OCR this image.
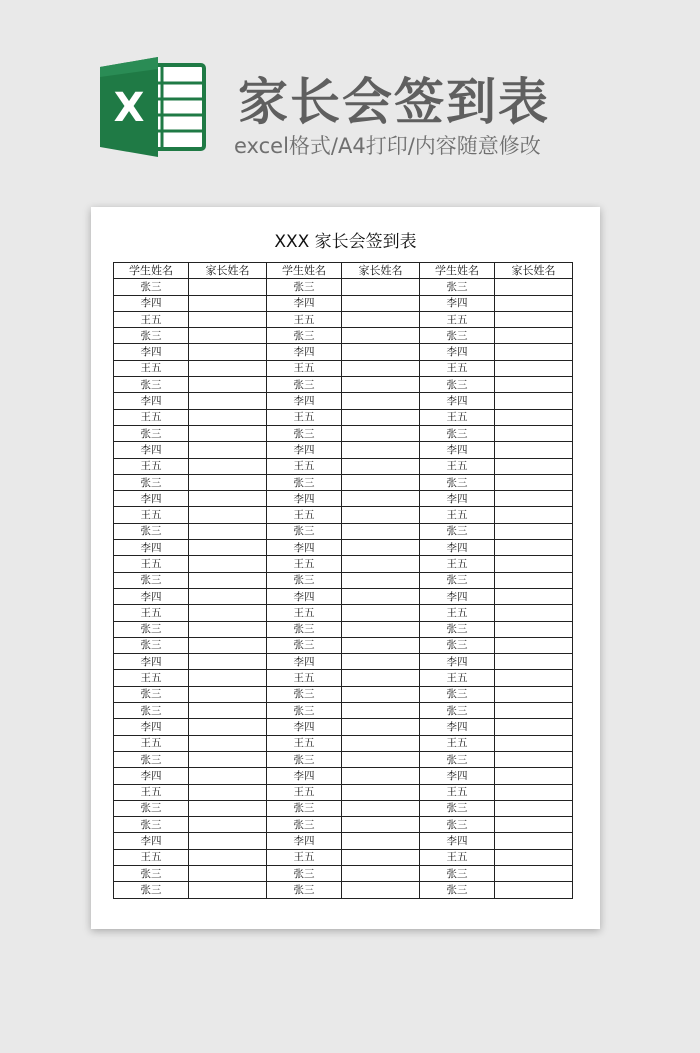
X 家长会签到表
excel格式/A4打印/内容随意修改
XXX 家长会签到表
学生姓名	家长姓名	学生姓名	家长姓名	学生姓名	家长姓名
张三		张三		张三	
李四		李四		李四	
王五		王五		王五	
张三		张三		张三	
李四		李四		李四	
王五		王五		王五	
张三		张三		张三	
李四		李四		李四	
王五		王五		王五	
张三		张三		张三	
李四		李四		李四	
王五		王五		王五	
张三		张三		张三	
李四		李四		李四	
王五		王五		王五	
张三		张三		张三	
李四		李四		李四	
王五		王五		王五	
张三		张三		张三	
李四		李四		李四	
王五		王五		王五	
张三		张三		张三	
张三		张三		张三	
李四		李四		李四	
王五		王五		王五	
张三		张三		张三	
张三		张三		张三	
李四		李四		李四	
王五		王五		王五	
张三		张三		张三	
李四		李四		李四	
王五		王五		王五	
张三		张三		张三	
张三		张三		张三	
李四		李四		李四	
王五		王五		王五	
张三		张三		张三	
张三		张三		张三	
